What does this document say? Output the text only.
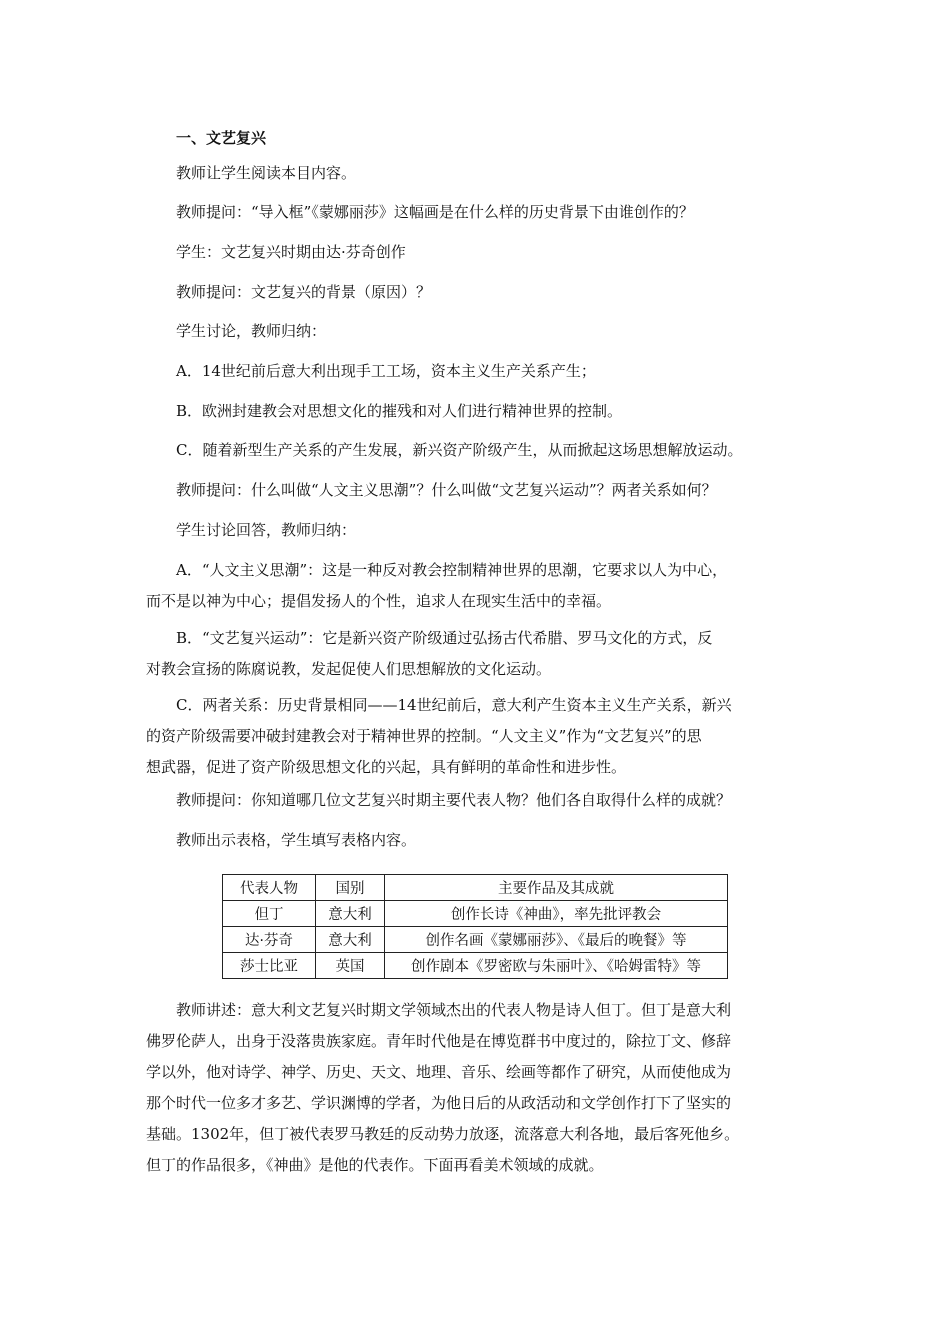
一、文艺复兴
教师让学生阅读本目内容。
教师提问：“导入框”《蒙娜丽莎》这幅画是在什么样的历史背景下由谁创作的？
学生：文艺复兴时期由达·芬奇创作
教师提问：文艺复兴的背景（原因）？
学生讨论，教师归纳：
A．14世纪前后意大利出现手工工场，资本主义生产关系产生；
B．欧洲封建教会对思想文化的摧残和对人们进行精神世界的控制。
C．随着新型生产关系的产生发展，新兴资产阶级产生，从而掀起这场思想解放运动。
教师提问：什么叫做“人文主义思潮”？什么叫做“文艺复兴运动”？两者关系如何？
学生讨论回答，教师归纳：
A．“人文主义思潮”：这是一种反对教会控制精神世界的思潮，它要求以人为中心，
而不是以神为中心；提倡发扬人的个性，追求人在现实生活中的幸福。
B．“文艺复兴运动”：它是新兴资产阶级通过弘扬古代希腊、罗马文化的方式，反
对教会宣扬的陈腐说教，发起促使人们思想解放的文化运动。
C．两者关系：历史背景相同——14世纪前后，意大利产生资本主义生产关系，新兴
的资产阶级需要冲破封建教会对于精神世界的控制。“人文主义”作为“文艺复兴”的思
想武器，促进了资产阶级思想文化的兴起，具有鲜明的革命性和进步性。
教师提问：你知道哪几位文艺复兴时期主要代表人物？他们各自取得什么样的成就？
教师出示表格，学生填写表格内容。
代表人物	国别	主要作品及其成就
但丁	意大利	创作长诗《神曲》，率先批评教会
达·芬奇	意大利	创作名画《蒙娜丽莎》、《最后的晚餐》等
莎士比亚	英国	创作剧本《罗密欧与朱丽叶》、《哈姆雷特》等
教师讲述：意大利文艺复兴时期文学领域杰出的代表人物是诗人但丁。但丁是意大利
佛罗伦萨人，出身于没落贵族家庭。青年时代他是在博览群书中度过的，除拉丁文、修辞
学以外，他对诗学、神学、历史、天文、地理、音乐、绘画等都作了研究，从而使他成为
那个时代一位多才多艺、学识渊博的学者，为他日后的从政活动和文学创作打下了坚实的
基础。1302年，但丁被代表罗马教廷的反动势力放逐，流落意大利各地，最后客死他乡。
但丁的作品很多，《神曲》是他的代表作。下面再看美术领域的成就。
